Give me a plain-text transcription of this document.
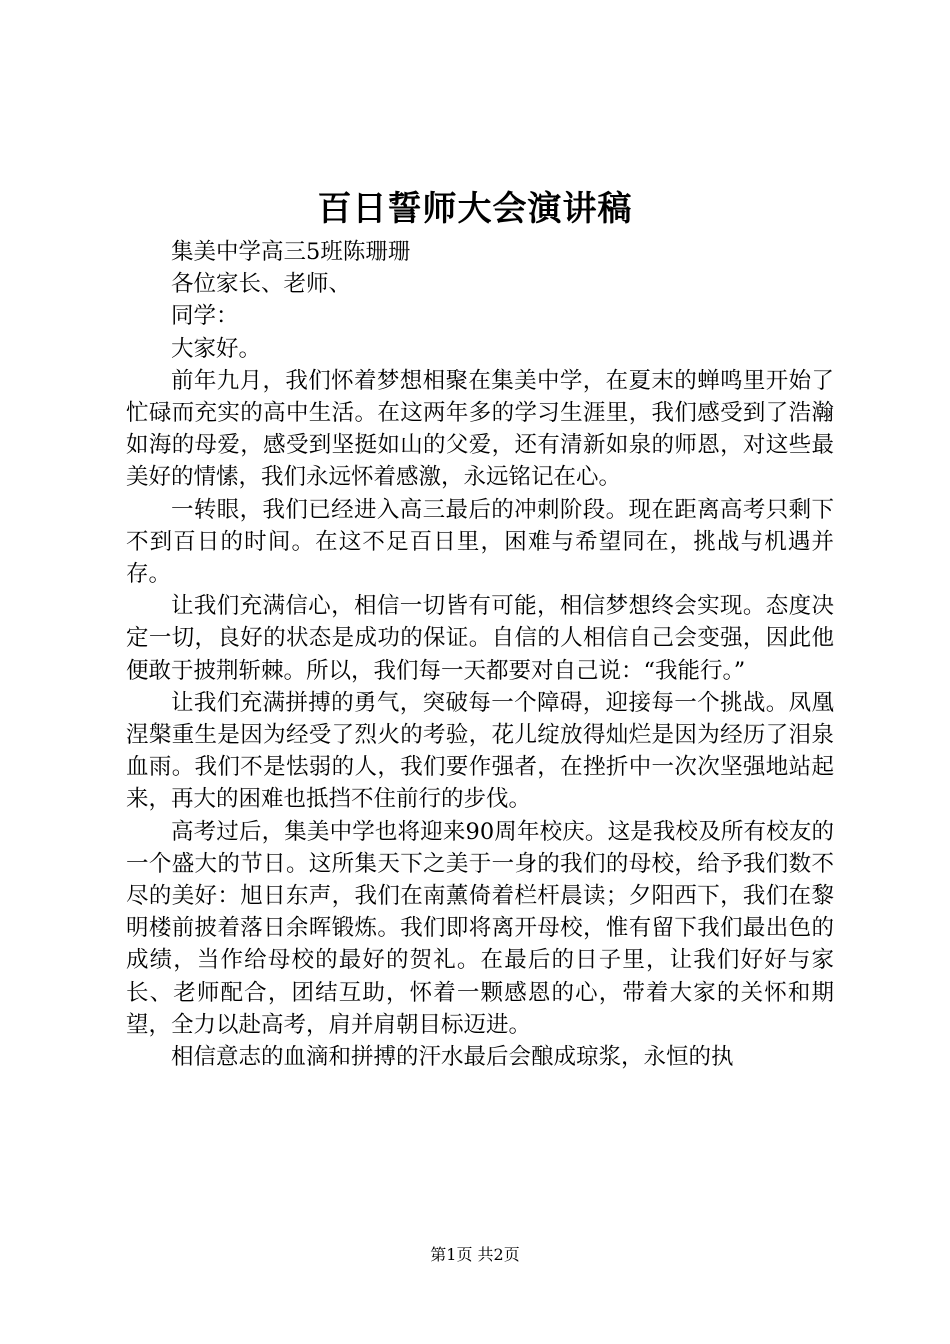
百日誓师大会演讲稿

集美中学高三5班陈珊珊

各位家长、老师、

同学：

大家好。

前年九月，我们怀着梦想相聚在集美中学，在夏末的蝉鸣里开始了忙碌而充实的高中生活。在这两年多的学习生涯里，我们感受到了浩瀚如海的母爱，感受到坚挺如山的父爱，还有清新如泉的师恩，对这些最美好的情愫，我们永远怀着感激，永远铭记在心。

一转眼，我们已经进入高三最后的冲刺阶段。现在距离高考只剩下不到百日的时间。在这不足百日里，困难与希望同在，挑战与机遇并存。

让我们充满信心，相信一切皆有可能，相信梦想终会实现。态度决定一切，良好的状态是成功的保证。自信的人相信自己会变强，因此他便敢于披荆斩棘。所以，我们每一天都要对自己说：“我能行。”

让我们充满拼搏的勇气，突破每一个障碍，迎接每一个挑战。凤凰涅槃重生是因为经受了烈火的考验，花儿绽放得灿烂是因为经历了泪泉血雨。我们不是怯弱的人，我们要作强者，在挫折中一次次坚强地站起来，再大的困难也抵挡不住前行的步伐。

高考过后，集美中学也将迎来90周年校庆。这是我校及所有校友的一个盛大的节日。这所集天下之美于一身的我们的母校，给予我们数不尽的美好：旭日东声，我们在南薰倚着栏杆晨读；夕阳西下，我们在黎明楼前披着落日余晖锻炼。我们即将离开母校，惟有留下我们最出色的成绩，当作给母校的最好的贺礼。在最后的日子里，让我们好好与家长、老师配合，团结互助，怀着一颗感恩的心，带着大家的关怀和期望，全力以赴高考，肩并肩朝目标迈进。

相信意志的血滴和拼搏的汗水最后会酿成琼浆，永恒的执

第1页 共2页
